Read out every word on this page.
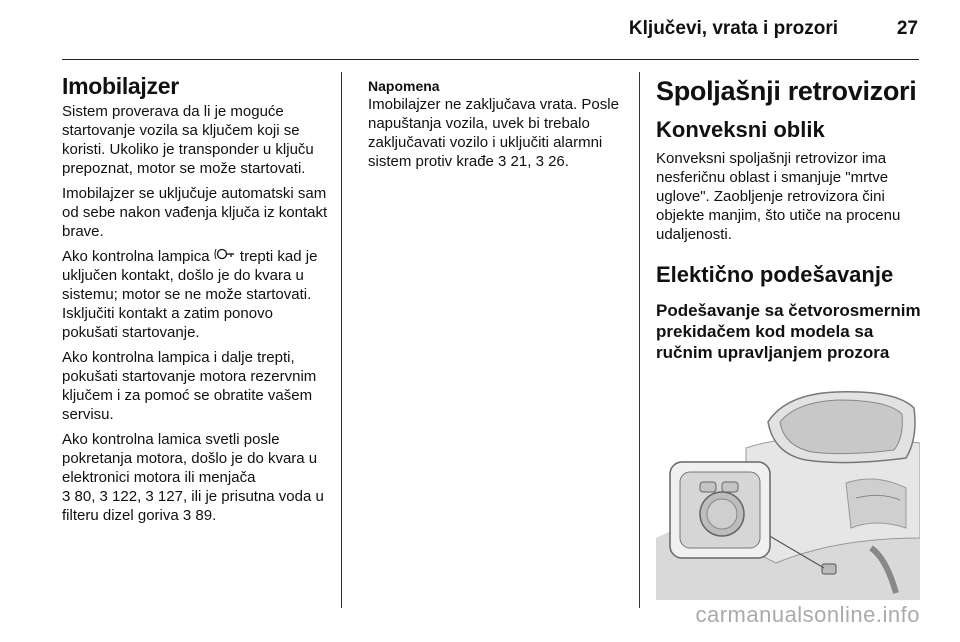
Ključevi, vrata i prozori	27
Imobilajzer

Sistem proverava da li je moguće startovanje vozila sa ključem koji se koristi. Ukoliko je transponder u ključu prepoznat, motor se može startovati.

Imobilajzer se uključuje automatski sam od sebe nakon vađenja ključa iz kontakt brave.

Ako kontrolna lampica  trepti kad je uključen kontakt, došlo je do kvara u sistemu; motor se ne može startovati. Isključiti kontakt a zatim ponovo pokušati startovanje.

Ako kontrolna lampica i dalje trepti, pokušati startovanje motora rezervnim ključem i za pomoć se obratite vašem servisu.

Ako kontrolna lamica svetli posle pokretanja motora, došlo je do kvara u elektronici motora ili menjača

3 80, 3 122, 3 127, ili je prisutna voda u filteru dizel goriva 3 89.

Napomena

Imobilajzer ne zaključava vrata. Posle napuštanja vozila, uvek bi trebalo zaključavati vozilo i uključiti alarmni sistem protiv krađe 3 21, 3 26.

Spoljašnji retrovizori
Konveksni oblik

Konveksni spoljašnji retrovizor ima nesferičnu oblast i smanjuje "mrtve uglove". Zaobljenje retrovizora čini objekte manjim, što utiče na procenu udaljenosti.

Elektično podešavanje
Podešavanje sa četvorosmernim prekidačem kod modela sa ručnim upravljanjem prozora
carmanualsonline.info
